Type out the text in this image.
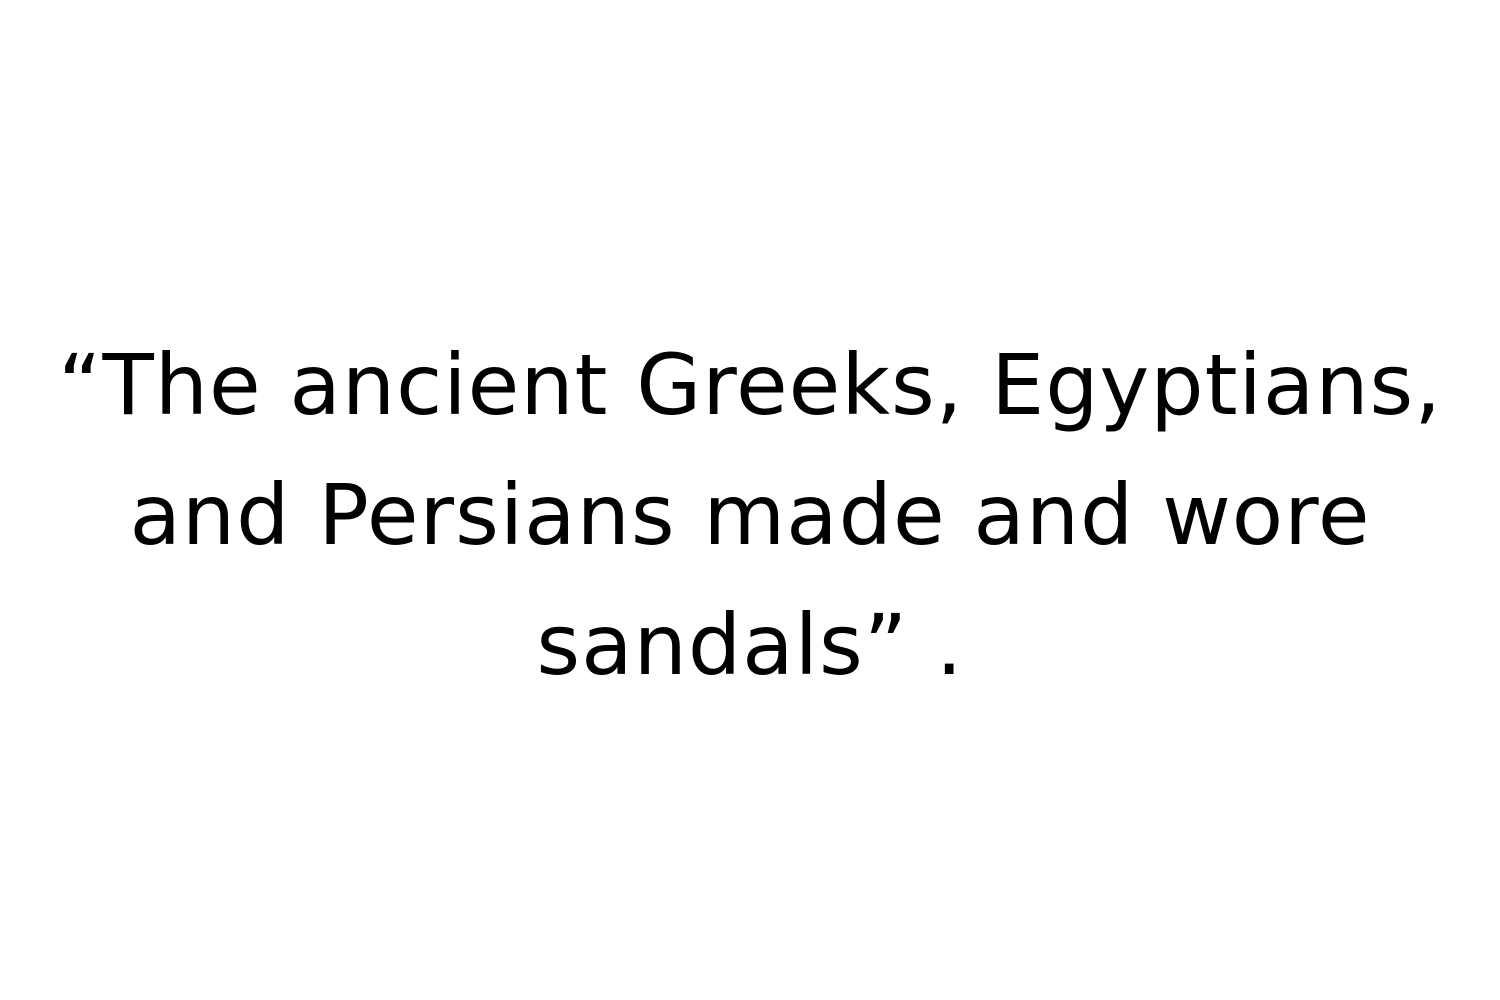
“The ancient Greeks, Egyptians,
and Persians made and wore
sandals” .
